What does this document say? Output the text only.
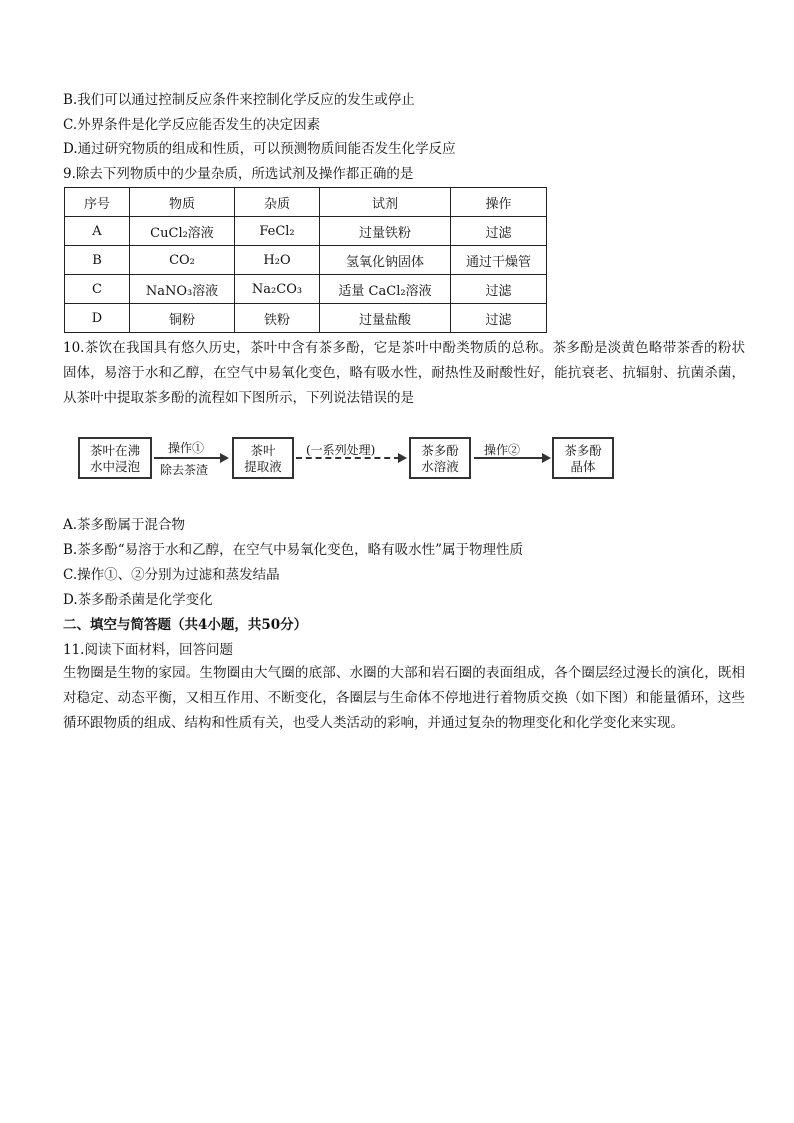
B.我们可以通过控制反应条件来控制化学反应的发生或停止
C.外界条件是化学反应能否发生的决定因素
D.通过研究物质的组成和性质，可以预测物质间能否发生化学反应
9.除去下列物质中的少量杂质，所选试剂及操作都正确的是
序号	物质	杂质	试剂	操作
A	CuCl₂溶液	FeCl₂	过量铁粉	过滤
B	CO₂	H₂O	氢氧化钠固体	通过干燥管
C	NaNO₃溶液	Na₂CO₃	适量 CaCl₂溶液	过滤
D	铜粉	铁粉	过量盐酸	过滤
10.茶饮在我国具有悠久历史，茶叶中含有茶多酚，它是茶叶中酚类物质的总称。茶多酚是淡黄色略带茶香的粉状固体，易溶于水和乙醇，在空气中易氧化变色，略有吸水性，耐热性及耐酸性好，能抗衰老、抗辐射、抗菌杀菌，从茶叶中提取茶多酚的流程如下图所示，下列说法错误的是
茶叶在沸
水中浸泡
操作①
除去茶渣
茶叶
提取液
(一系列处理)	茶多酚
水溶液
操作②	茶多酚
晶体
A.茶多酚属于混合物
B.茶多酚“易溶于水和乙醇，在空气中易氧化变色，略有吸水性”属于物理性质
C.操作①、②分别为过滤和蒸发结晶
D.茶多酚杀菌是化学变化
二、填空与简答题（共4小题，共50分）
11.阅读下面材料，回答问题
生物圈是生物的家园。生物圈由大气圈的底部、水圈的大部和岩石圈的表面组成，各个圈层经过漫长的演化，既相对稳定、动态平衡，又相互作用、不断变化，各圈层与生命体不停地进行着物质交换（如下图）和能量循环，这些循环跟物质的组成、结构和性质有关，也受人类活动的彩响，并通过复杂的物理变化和化学变化来实现。
